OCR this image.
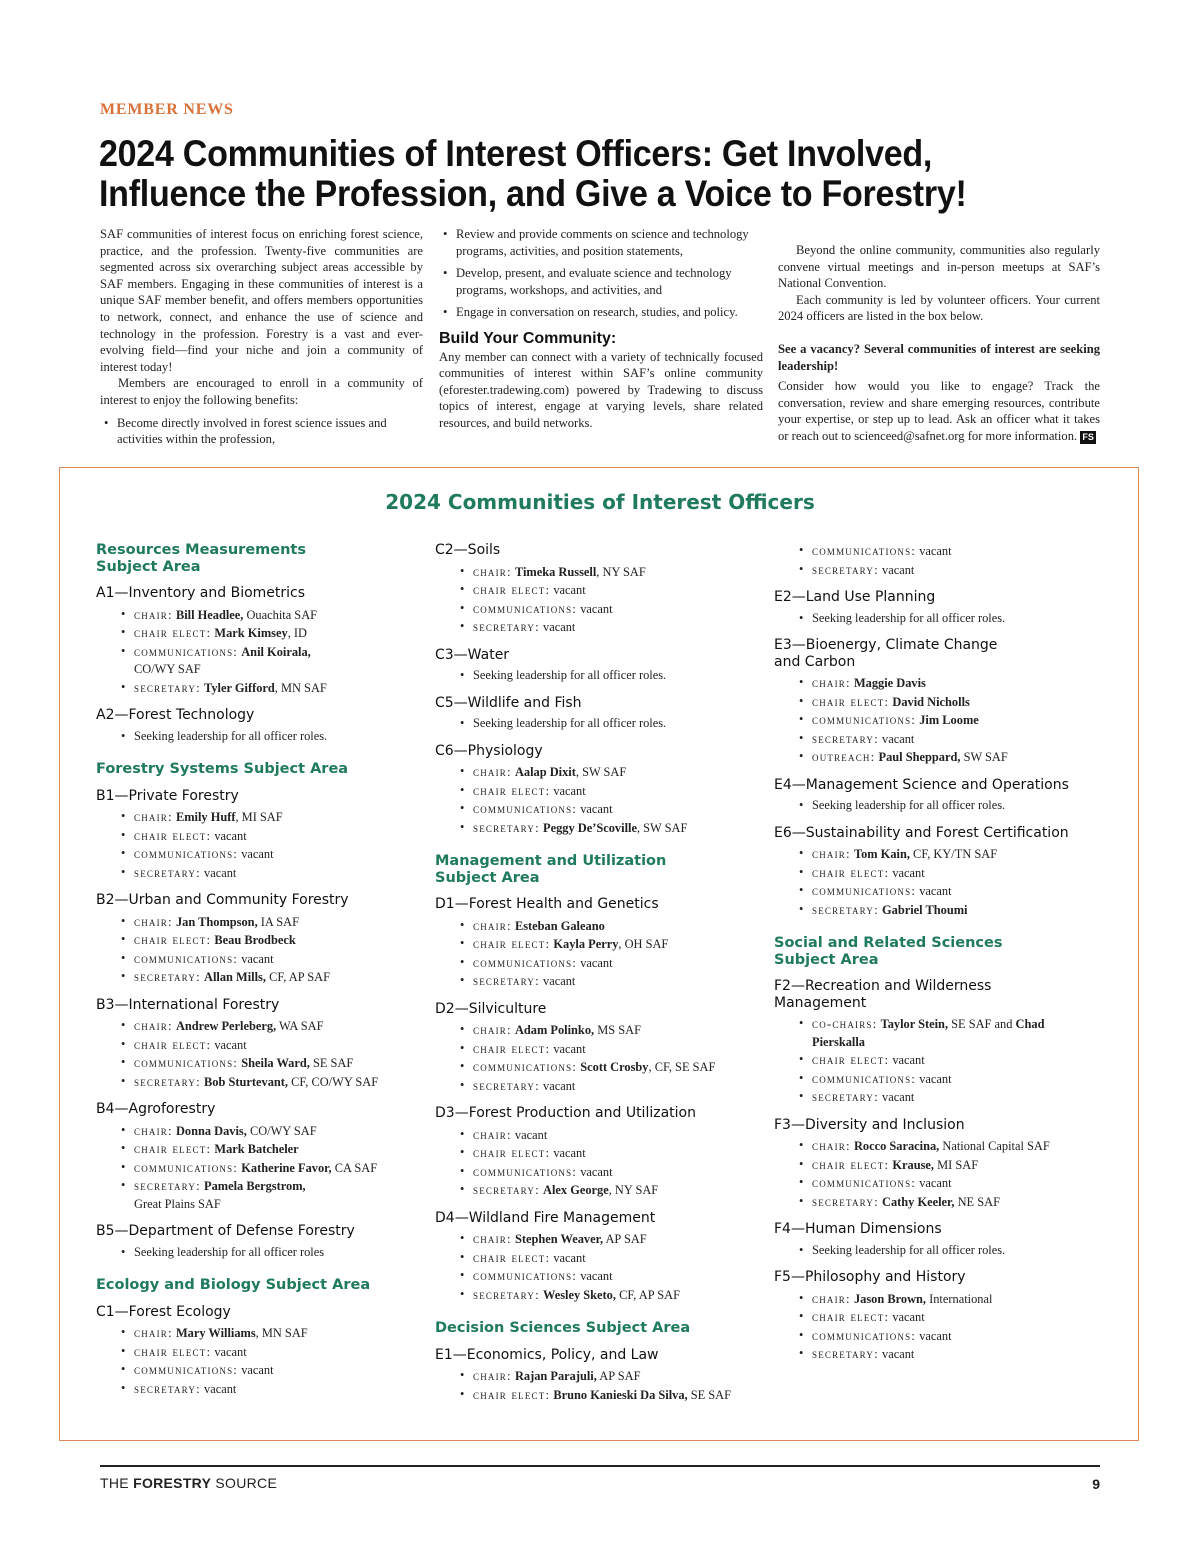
MEMBER NEWS
2024 Communities of Interest Officers: Get Involved, Influence the Profession, and Give a Voice to Forestry!

SAF communities of interest focus on enriching forest science, practice, and the profession. Twenty-five communities are segmented across six overarching subject areas accessible by SAF members. Engaging in these communities of interest is a unique SAF member benefit, and offers members opportunities to network, connect, and enhance the use of science and technology in the profession. Forestry is a vast and ever-evolving field—find your niche and join a community of interest today!

Members are encouraged to enroll in a community of interest to enjoy the following benefits:

• Become directly involved in forest science issues and activities within the profession,
• Review and provide comments on science and technology programs, activities, and position statements,
• Develop, present, and evaluate science and technology programs, workshops, and activities, and
• Engage in conversation on research, studies, and policy.
Build Your Community:

Any member can connect with a variety of technically focused communities of interest within SAF’s online community (eforester.tradewing.com) powered by Tradewing to discuss topics of interest, engage at varying levels, share related resources, and build networks.

Beyond the online community, communities also regularly convene virtual meetings and in-person meetups at SAF’s National Convention.

Each community is led by volunteer officers. Your current 2024 officers are listed in the box below.

See a vacancy? Several communities of interest are seeking leadership!

Consider how would you like to engage? Track the conversation, review and share emerging resources, contribute your expertise, or step up to lead. Ask an officer what it takes or reach out to scienceed@safnet.org for more information. FS

2024 Communities of Interest Officers
Resources Measurements Subject Area
A1—Inventory and Biometrics
• chair: Bill Headlee, Ouachita SAF
• chair elect: Mark Kimsey, ID
• communications: Anil Koirala, CO/WY SAF
• secretary: Tyler Gifford, MN SAF
A2—Forest Technology
• Seeking leadership for all officer roles.
Forestry Systems Subject Area
B1—Private Forestry
• chair: Emily Huff, MI SAF
• chair elect: vacant
• communications: vacant
• secretary: vacant
B2—Urban and Community Forestry
• chair: Jan Thompson, IA SAF
• chair elect: Beau Brodbeck
• communications: vacant
• secretary: Allan Mills, CF, AP SAF
B3—International Forestry
• chair: Andrew Perleberg, WA SAF
• chair elect: vacant
• communications: Sheila Ward, SE SAF
• secretary: Bob Sturtevant, CF, CO/WY SAF
B4—Agroforestry
• chair: Donna Davis, CO/WY SAF
• chair elect: Mark Batcheler
• communications: Katherine Favor, CA SAF
• secretary: Pamela Bergstrom,
Great Plains SAF
B5—Department of Defense Forestry
• Seeking leadership for all officer roles
Ecology and Biology Subject Area
C1—Forest Ecology
• chair: Mary Williams, MN SAF
• chair elect: vacant
• communications: vacant
• secretary: vacant
C2—Soils
• chair: Timeka Russell, NY SAF
• chair elect: vacant
• communications: vacant
• secretary: vacant
C3—Water
• Seeking leadership for all officer roles.
C5—Wildlife and Fish
• Seeking leadership for all officer roles.
C6—Physiology
• chair: Aalap Dixit, SW SAF
• chair elect: vacant
• communications: vacant
• secretary: Peggy De’Scoville, SW SAF
Management and Utilization Subject Area
D1—Forest Health and Genetics
• chair: Esteban Galeano
• chair elect: Kayla Perry, OH SAF
• communications: vacant
• secretary: vacant
D2—Silviculture
• chair: Adam Polinko, MS SAF
• chair elect: vacant
• communications: Scott Crosby, CF, SE SAF
• secretary: vacant
D3—Forest Production and Utilization
• chair: vacant
• chair elect: vacant
• communications: vacant
• secretary: Alex George, NY SAF
D4—Wildland Fire Management
• chair: Stephen Weaver, AP SAF
• chair elect: vacant
• communications: vacant
• secretary: Wesley Sketo, CF, AP SAF
Decision Sciences Subject Area
E1—Economics, Policy, and Law
• chair: Rajan Parajuli, AP SAF
• chair elect: Bruno Kanieski Da Silva, SE SAF
• communications: vacant
• secretary: vacant
E2—Land Use Planning
• Seeking leadership for all officer roles.
E3—Bioenergy, Climate Change and Carbon
• chair: Maggie Davis
• chair elect: David Nicholls
• communications: Jim Loome
• secretary: vacant
• outreach: Paul Sheppard, SW SAF
E4—Management Science and Operations
• Seeking leadership for all officer roles.
E6—Sustainability and Forest Certification
• chair: Tom Kain, CF, KY/TN SAF
• chair elect: vacant
• communications: vacant
• secretary: Gabriel Thoumi
Social and Related Sciences Subject Area
F2—Recreation and Wilderness Management
• co-chairs: Taylor Stein, SE SAF and Chad Pierskalla
• chair elect: vacant
• communications: vacant
• secretary: vacant
F3—Diversity and Inclusion
• chair: Rocco Saracina, National Capital SAF
• chair elect: Krause, MI SAF
• communications: vacant
• secretary: Cathy Keeler, NE SAF
F4—Human Dimensions
• Seeking leadership for all officer roles.
F5—Philosophy and History
• chair: Jason Brown, International
• chair elect: vacant
• communications: vacant
• secretary: vacant
THE FORESTRY SOURCE	9
